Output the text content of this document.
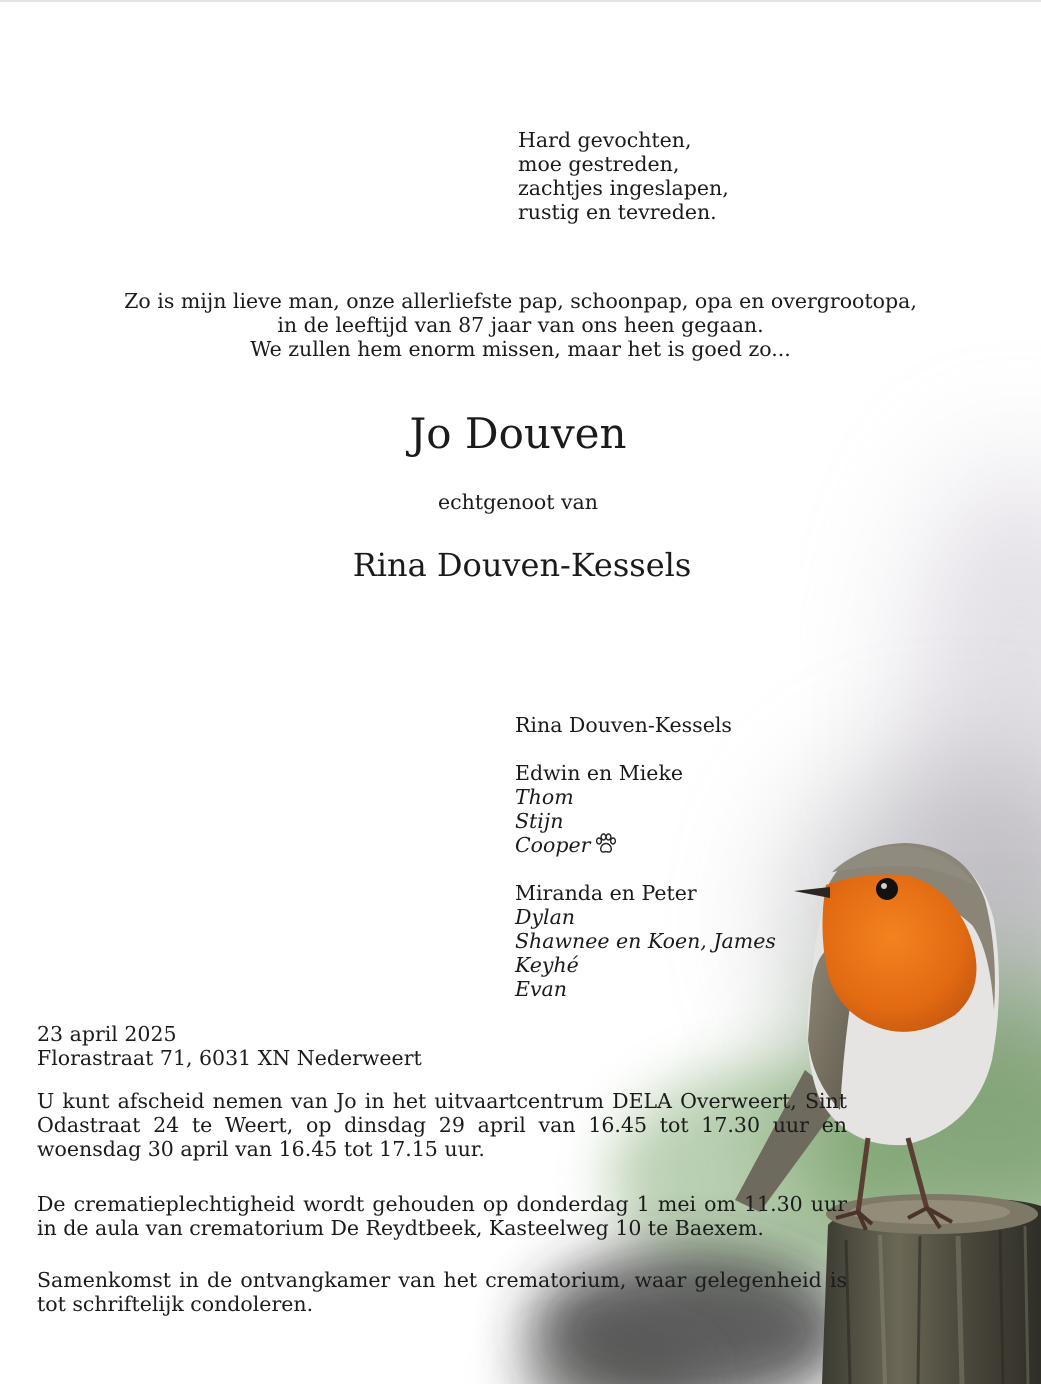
Hard gevochten,
moe gestreden,
zachtjes ingeslapen,
rustig en tevreden.
Zo is mijn lieve man, onze allerliefste pap, schoonpap, opa en overgrootopa,
in de leeftijd van 87 jaar van ons heen gegaan.
We zullen hem enorm missen, maar het is goed zo...
Jo Douven
echtgenoot van
Rina Douven-Kessels
Rina Douven-Kessels
Edwin en Mieke
Thom
Stijn
Cooper
Miranda en Peter
Dylan
Shawnee en Koen, James
Keyhé
Evan
23 april 2025
Florastraat 71, 6031 XN Nederweert

U kunt afscheid nemen van Jo in het uitvaartcentrum DELA Overweert, Sint Odastraat 24 te Weert, op dinsdag 29 april van 16.45 tot 17.30 uur en woensdag 30 april van 16.45 tot 17.15 uur.

De crematieplechtigheid wordt gehouden op donderdag 1 mei om 11.30 uur in de aula van crematorium De Reydtbeek, Kasteelweg 10 te Baexem.

Samenkomst in de ontvangkamer van het crematorium, waar gelegenheid is tot schriftelijk condoleren.
